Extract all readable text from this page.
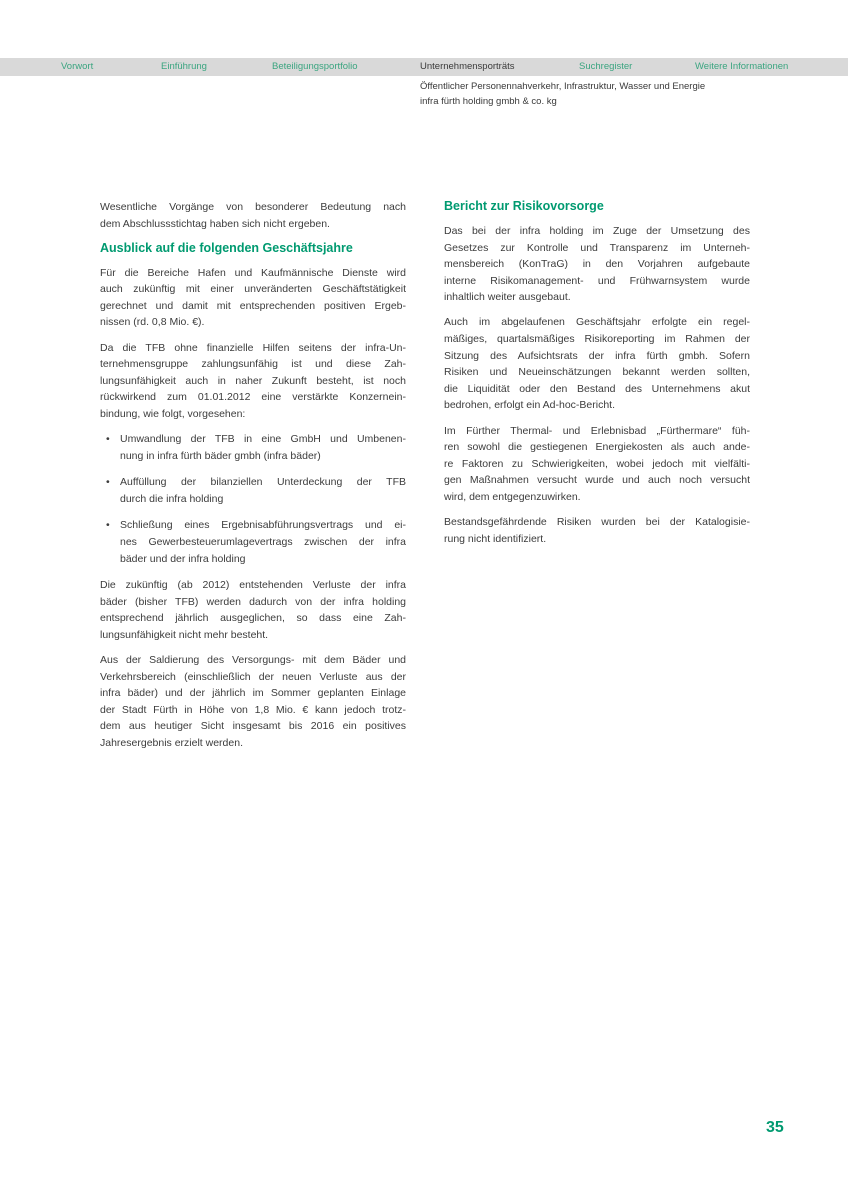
Vorwort	Einführung	Beteiligungsportfolio	Unternehmensporträts	Suchregister	Weitere Informationen
Öffentlicher Personennahverkehr, Infrastruktur, Wasser und Energie
infra fürth holding gmbh & co. kg
Wesentliche Vorgänge von besonderer Bedeutung nach
dem Abschlussstichtag haben sich nicht ergeben.
Ausblick auf die folgenden Geschäftsjahre
Für die Bereiche Hafen und Kaufmännische Dienste wird
auch zukünftig mit einer unveränderten Geschäftstätigkeit
gerechnet und damit mit entsprechenden positiven Ergeb-
nissen (rd. 0,8 Mio. €).
Da die TFB ohne finanzielle Hilfen seitens der infra-Un-
ternehmensgruppe zahlungsunfähig ist und diese Zah-
lungsunfähigkeit auch in naher Zukunft besteht, ist noch
rückwirkend zum 01.01.2012 eine verstärkte Konzernein-
bindung, wie folgt, vorgesehen:
• Umwandlung der TFB in eine GmbH und Umbenen-
nung in infra fürth bäder gmbh (infra bäder)
• Auffüllung der bilanziellen Unterdeckung der TFB
durch die infra holding
• Schließung eines Ergebnisabführungsvertrags und ei-
nes Gewerbesteuerumlagevertrags zwischen der infra
bäder und der infra holding
Die zukünftig (ab 2012) entstehenden Verluste der infra
bäder (bisher TFB) werden dadurch von der infra holding
entsprechend jährlich ausgeglichen, so dass eine Zah-
lungsunfähigkeit nicht mehr besteht.
Aus der Saldierung des Versorgungs- mit dem Bäder und
Verkehrsbereich (einschließlich der neuen Verluste aus der
infra bäder) und der jährlich im Sommer geplanten Einlage
der Stadt Fürth in Höhe von 1,8 Mio. € kann jedoch trotz-
dem aus heutiger Sicht insgesamt bis 2016 ein positives
Jahresergebnis erzielt werden.
Bericht zur Risikovorsorge
Das bei der infra holding im Zuge der Umsetzung des
Gesetzes zur Kontrolle und Transparenz im Unterneh-
mensbereich (KonTraG) in den Vorjahren aufgebaute
interne Risikomanagement- und Frühwarnsystem wurde
inhaltlich weiter ausgebaut.
Auch im abgelaufenen Geschäftsjahr erfolgte ein regel-
mäßiges, quartalsmäßiges Risikoreporting im Rahmen der
Sitzung des Aufsichtsrats der infra fürth gmbh. Sofern
Risiken und Neueinschätzungen bekannt werden sollten,
die Liquidität oder den Bestand des Unternehmens akut
bedrohen, erfolgt ein Ad-hoc-Bericht.
Im Fürther Thermal- und Erlebnisbad „Fürthermare“ füh-
ren sowohl die gestiegenen Energiekosten als auch ande-
re Faktoren zu Schwierigkeiten, wobei jedoch mit vielfälti-
gen Maßnahmen versucht wurde und auch noch versucht
wird, dem entgegenzuwirken.
Bestandsgefährdende Risiken wurden bei der Katalogisie-
rung nicht identifiziert.
35
